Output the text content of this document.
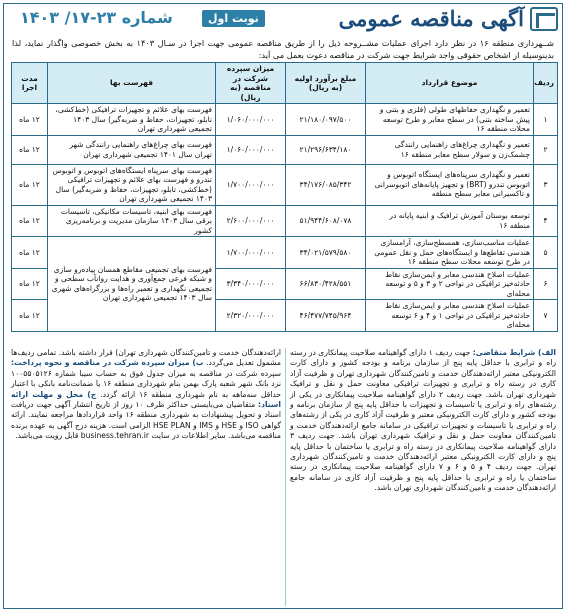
آگهی مناقصه عمومی
نوبت اول
شماره ۲۳-۱۷/ ۱۴۰۳
شــهرداری منطقه ۱۶ در نظر دارد اجرای عملیات مشــروحه ذیل را از طریق مناقصه عمومی جهت اجرا در سـال ۱۴۰۳ به بخش خصوصی واگذار نماید، لذا بدینوسیله از اشخاص حقوقی واجد شرایط جهت شرکت در مناقصه دعوت بعمل می آید:
ردیف	موضوع قرارداد	مبلغ برآورد اولیه (به ریال)	میزان سپرده شرکت در مناقصه (به ریال)	فهرست بها	مدت اجرا
۱	تعمیر و نگهداری حفاظهای طولی (فلزی و بتنی و پیش ساخته بتنی) در سطح معابر و طرح توسعه محلات منطقه ۱۶	۲۱/۱۸۰/۰۹۷/۵۰۰	۱/۰۶۰/۰۰۰/۰۰۰	فهرست بهای علائم و تجهیزات ترافیکی (خط‌کشی، تابلو، تجهیزات، حفاظ و ضربه‌گیر) سال ۱۴۰۳ تجمیعی شهرداری تهران	۱۲ ماه
۲	تعمیر و نگهداری چراغ‌های راهنمایی رانندگی چشمک‌زن و سولار سطح معابر منطقه ۱۶	۲۱/۲۹۶/۶۳۴/۱۸۰	۱/۰۶۰/۰۰۰/۰۰۰	فهرست بهای چراغ‌های راهنمایی رانندگی شهر تهران سال ۱۴۰۱ تجمیعی شهرداری تهران	۱۲ ماه
۳	تعمیر و نگهداری سرپناه‌های ایستگاه اتوبوس و اتوبوس تندرو (BRT) و تجهیز پایانه‌های اتوبوسرانی و تاکسیرانی معابر سطح منطقه	۳۴/۱۷۶/۰۸۵/۳۴۲	۱/۷۰۰/۰۰۰/۰۰۰	فهرست بهای سرپناه ایستگاه‌های اتوبوس و اتوبوس تندرو و فهرست بهای علائم و تجهیزات ترافیکی (خط‌کشی، تابلو، تجهیزات، حفاظ و ضربه‌گیر) سال ۱۴۰۳ تجمیعی شهرداری تهران	۱۲ ماه
۴	توسعه بوستان آموزش ترافیک و ابنیه پایانه در منطقه ۱۶	۵۱/۹۴۴/۶۰۸/۰۷۸	۲/۶۰۰/۰۰۰/۰۰۰	فهرست بهای ابنیه، تاسیسات مکانیکی، تاسیسات برقی سال ۱۴۰۳ سازمان مدیریت و برنامه‌ریزی کشور	۱۲ ماه
۵	عملیات مناسب‌سازی، همسطح‌سازی، آرامسازی هندسی تقاطع‌ها و ایستگاه‌های حمل و نقل عمومی در طرح توسعه محلات سطح منطقه ۱۶	۳۴/۰۲۱/۵۷۹/۵۸۰	۱/۷۰۰/۰۰۰/۰۰۰	فهرست بهای تجمیعی مقاطع همسان پیاده‌رو سازی و شبکه فرعی جمع‌آوری و هدایت روانآب سطحی و تجمیعی نگهداری و تعمیر راه‌ها و بزرگراه‌های شهری سال ۱۴۰۳ تجمیعی شهرداری تهران	۱۲ ماه
۶	عملیات اصلاح هندسی معابر و ایمن‌سازی نقاط حادثه‌خیز ترافیکی در نواحی ۲ و ۳ و ۵ و توسعه محله‌ای	۶۶/۸۳۰/۴۲۸/۵۵۱	۳/۳۴۰/۰۰۰/۰۰۰		۱۲ ماه
۷	عملیات اصلاح هندسی معابر و ایمن‌سازی نقاط حادثه‌خیز ترافیکی در نواحی ۱ و ۴ و ۶ توسعه محله‌ای	۴۶/۴۷۷/۷۴۵/۹۶۴	۲/۳۲۰/۰۰۰/۰۰۰		۱۲ ماه
الف) شرایط متقاضی: جهت ردیف ۱ دارای گواهینامه صلاحیت پیمانکاری در رسته راه و ترابری با حداقل پایه پنج از سازمان برنامه و بودجه کشور و دارای کارت الکترونیکی معتبر ارائه‌دهندگان خدمت و تامین‌کنندگان شهرداری تهران و ظرفیت آزاد کاری در رسته راه و ترابری و تجهیزات ترافیکی معاونت حمل و نقل و ترافیک شهرداری تهران باشد. جهت ردیف ۲ دارای گواهینامه صلاحیت پیمانکاری در یکی از رشته‌های راه و ترابری یا تاسیسات و تجهیزات با حداقل پایه پنج از سازمان برنامه و بودجه کشور و دارای کارت الکترونیکی معتبر و ظرفیت آزاد کاری در یکی از رشته‌های راه و ترابری یا تاسیسات و تجهیزات ترافیکی در سامانه جامع ارائه‌دهندگان خدمت و تامین‌کنندگان معاونت حمل و نقل و ترافیک شهرداری تهران باشد. جهت ردیف ۳ دارای گواهینامه صلاحیت پیمانکاری در رسته راه و ترابری یا ساختمان با حداقل پایه پنج و دارای کارت الکترونیکی معتبر ارائه‌دهندگان خدمت و تامین‌کنندگان شهرداری تهران. جهت ردیف ۴ و ۵ و ۶ و ۷ دارای گواهینامه صلاحیت پیمانکاری در رسته ساختمان یا راه و ترابری با حداقل پایه پنج و ظرفیت آزاد کاری در سامانه جامع ارائه‌دهندگان خدمت و تامین‌کنندگان شهرداری تهران باشد.
ارائه‌دهندگان خدمت و تامین‌کنندگان شهرداری تهران) قرار داشته باشد. تمامی ردیف‌ها مشمول تعدیل می‌گردد. ب) میزان سپرده شرکت در مناقصه و نحوه پرداخت: سپرده شرکت در مناقصه به میزان جدول فوق به حساب سیبا شماره ۱۰۰۵۵۰۵۱۲۶ نزد بانک شهر شعبه پارک بهمن بنام شهرداری منطقه ۱۶ یا ضمانت‌نامه بانکی با اعتبار حداقل سه‌ماهه به نام شهرداری منطقه ۱۶ ارائه گردد. ج) محل و مهلت ارائه اسناد: متقاضیان می‌بایستی حداکثر ظرف ۱۰ روز از تاریخ انتشار آگهی جهت دریافت اسناد و تحویل پیشنهادات به شهرداری منطقه ۱۶ واحد قراردادها مراجعه نمایند. ارائه گواهی ISO و HSE و IMS و HSE PLAN الزامی است. هزینه درج آگهی به عهده برنده مناقصه می‌باشد. سایر اطلاعات در سایت business.tehran.ir قابل رویت می‌باشد.
